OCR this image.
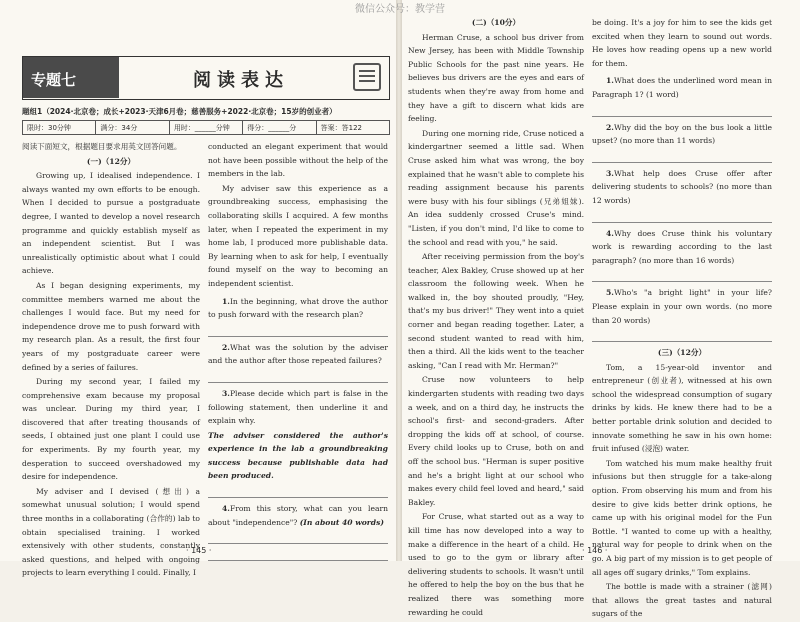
微信公众号：教学营
专题七	阅读表达
题组1（2024·北京卷；成长+2023·天津6月卷；慈善服务+2022·北京卷；15岁的创业者）
限时：30分钟	满分：34分	用时：______分钟	得分：______分	答案：答122

阅读下面短文，根据题目要求用英文回答问题。

(一)（12分）

Growing up, I idealised independence. I always wanted my own efforts to be enough. When I decided to pursue a postgraduate degree, I wanted to develop a novel research programme and quickly establish myself as an independent scientist. But I was unrealistically optimistic about what I could achieve.

As I began designing experiments, my committee members warned me about the challenges I would face. But my need for independence drove me to push forward with my research plan. As a result, the first four years of my postgraduate career were defined by a series of failures.

During my second year, I failed my comprehensive exam because my proposal was unclear. During my third year, I discovered that after treating thousands of seeds, I obtained just one plant I could use for experiments. By my fourth year, my desperation to succeed overshadowed my desire for independence.

My adviser and I devised (想出) a somewhat unusual solution; I would spend three months in a collaborating (合作的) lab to obtain specialised training. I worked extensively with other students, constantly asked questions, and helped with ongoing projects to learn everything I could. Finally, I

conducted an elegant experiment that would not have been possible without the help of the members in the lab.

My adviser saw this experience as a groundbreaking success, emphasising the collaborating skills I acquired. A few months later, when I repeated the experiment in my home lab, I produced more publishable data. By learning when to ask for help, I eventually found myself on the way to becoming an independent scientist.

1.In the beginning, what drove the author to push forward with the research plan?

2.What was the solution by the adviser and the author after those repeated failures?

3.Please decide which part is false in the following statement, then underline it and explain why.

The adviser considered the author's experience in the lab a groundbreaking success because publishable data had been produced.

4.From this story, what can you learn about "independence"? (In about 40 words)

· 145 ·

(二)（10分）

Herman Cruse, a school bus driver from New Jersey, has been with Middle Township Public Schools for the past nine years. He believes bus drivers are the eyes and ears of students when they're away from home and they have a gift to discern what kids are feeling.

During one morning ride, Cruse noticed a kindergartner seemed a little sad. When Cruse asked him what was wrong, the boy explained that he wasn't able to complete his reading assignment because his parents were busy with his four siblings (兄弟姐妹). An idea suddenly crossed Cruse's mind. "Listen, if you don't mind, I'd like to come to the school and read with you," he said.

After receiving permission from the boy's teacher, Alex Bakley, Cruse showed up at her classroom the following week. When he walked in, the boy shouted proudly, "Hey, that's my bus driver!" They went into a quiet corner and began reading together. Later, a second student wanted to read with him, then a third. All the kids went to the teacher asking, "Can I read with Mr. Herman?"

Cruse now volunteers to help kindergarten students with reading two days a week, and on a third day, he instructs the school's first- and second-graders. After dropping the kids off at school, of course. Every child looks up to Cruse, both on and off the school bus. "Herman is super positive and he's a bright light at our school who makes every child feel loved and heard," said Bakley.

For Cruse, what started out as a way to kill time has now developed into a way to make a difference in the heart of a child. He used to go to the gym or library after delivering students to schools. It wasn't until he offered to help the boy on the bus that he realized there was something more rewarding he could

be doing. It's a joy for him to see the kids get excited when they learn to sound out words. He loves how reading opens up a new world for them.

1.What does the underlined word mean in Paragraph 1? (1 word)

2.Why did the boy on the bus look a little upset? (no more than 11 words)

3.What help does Cruse offer after delivering students to schools? (no more than 12 words)

4.Why does Cruse think his voluntary work is rewarding according to the last paragraph? (no more than 16 words)

5.Who's "a bright light" in your life? Please explain in your own words. (no more than 20 words)

(三)（12分）

Tom, a 15-year-old inventor and entrepreneur (创业者), witnessed at his own school the widespread consumption of sugary drinks by kids. He knew there had to be a better portable drink solution and decided to innovate something he saw in his own home: fruit infused (浸泡) water.

Tom watched his mum make healthy fruit infusions but then struggle for a take-along option. From observing his mum and from his desire to give kids better drink options, he came up with his original model for the Fun Bottle. "I wanted to come up with a healthy, natural way for people to drink when on the go. A big part of my mission is to get people of all ages off sugary drinks," Tom explains.

The bottle is made with a strainer (滤网) that allows the great tastes and natural sugars of the

· 146 ·
